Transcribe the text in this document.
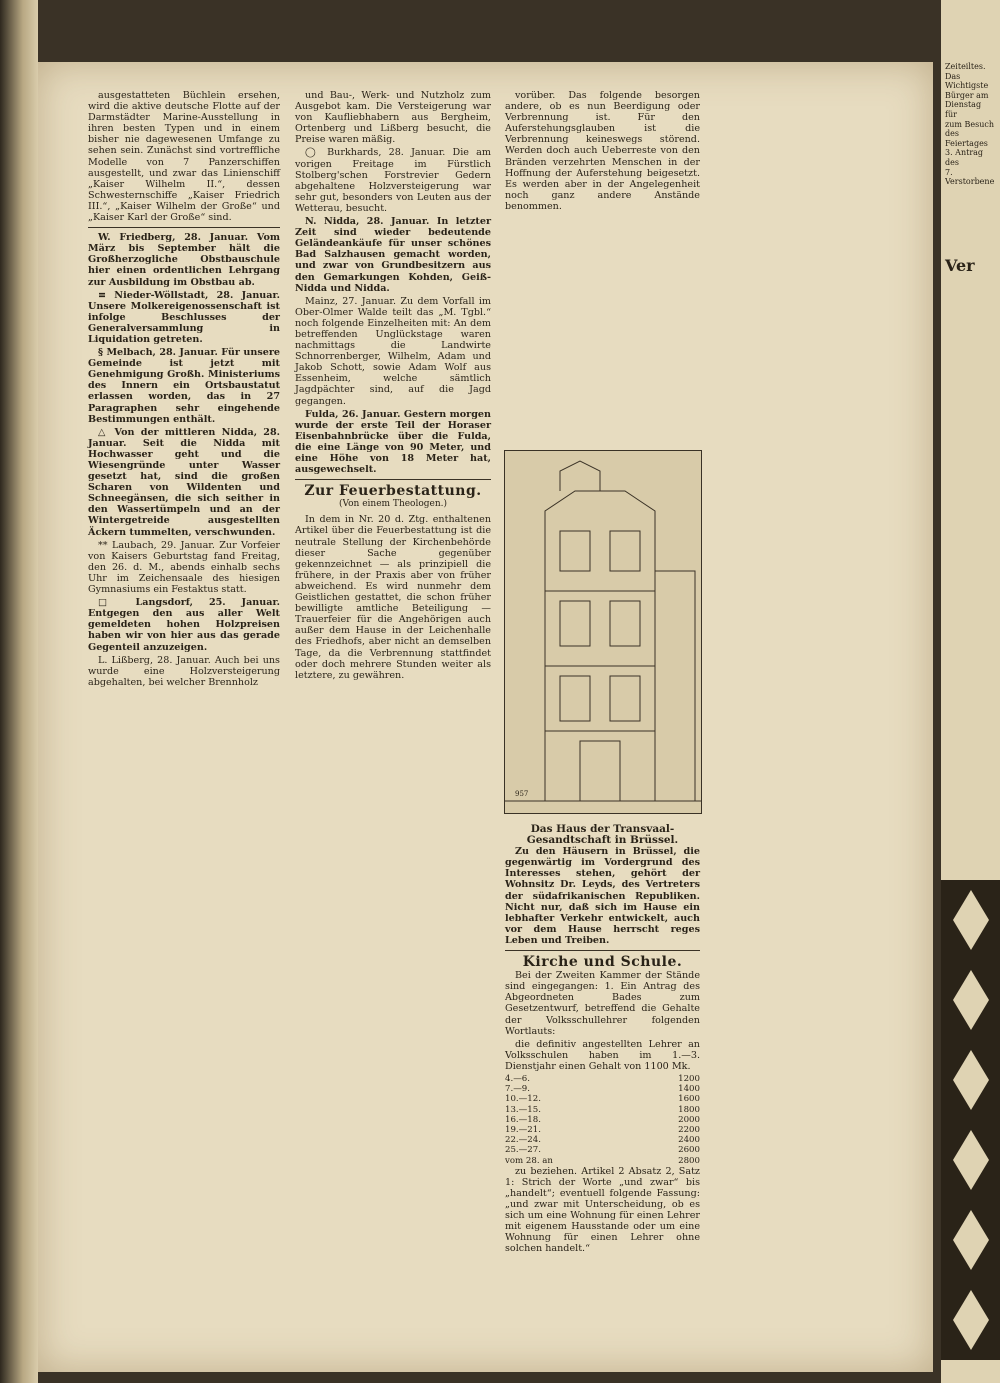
ausgestatteten Büchlein ersehen, wird die aktive deutsche Flotte auf der Darmstädter Marine-Ausstellung in ihren besten Typen und in einem bisher nie dagewesenen Umfange zu sehen sein. Zunächst sind vortreffliche Modelle von 7 Panzerschiffen ausgestellt, und zwar das Linienschiff „Kaiser Wilhelm II.“, dessen Schwesternschiffe „Kaiser Friedrich III.“, „Kaiser Wilhelm der Große“ und „Kaiser Karl der Große“ sind.

W. Friedberg, 28. Januar. Vom März bis September hält die Großherzogliche Obstbauschule hier einen ordentlichen Lehrgang zur Ausbildung im Obstbau ab.

≡ Nieder-Wöllstadt, 28. Januar. Unsere Molkereigenossenschaft ist infolge Beschlusses der Generalversammlung in Liquidation getreten.

§ Melbach, 28. Januar. Für unsere Gemeinde ist jetzt mit Genehmigung Großh. Ministeriums des Innern ein Ortsbaustatut erlassen worden, das in 27 Paragraphen sehr eingehende Bestimmungen enthält.

△ Von der mittleren Nidda, 28. Januar. Seit die Nidda mit Hochwasser geht und die Wiesengründe unter Wasser gesetzt hat, sind die großen Scharen von Wildenten und Schneegänsen, die sich seither in den Wassertümpeln und an der Wintergetreide ausgestellten Äckern tummelten, verschwunden.

** Laubach, 29. Januar. Zur Vorfeier von Kaisers Geburtstag fand Freitag, den 26. d. M., abends einhalb sechs Uhr im Zeichensaale des hiesigen Gymnasiums ein Festaktus statt.

□ Langsdorf, 25. Januar. Entgegen den aus aller Welt gemeldeten hohen Holzpreisen haben wir von hier aus das gerade Gegenteil anzuzeigen.

L. Lißberg, 28. Januar. Auch bei uns wurde eine Holzversteigerung abgehalten, bei welcher Brennholz

und Bau-, Werk- und Nutzholz zum Ausgebot kam. Die Versteigerung war von Kaufliebhabern aus Bergheim, Ortenberg und Lißberg besucht, die Preise waren mäßig.

◯ Burkhards, 28. Januar. Die am vorigen Freitage im Fürstlich Stolberg'schen Forstrevier Gedern abgehaltene Holzversteigerung war sehr gut, besonders von Leuten aus der Wetterau, besucht.

N. Nidda, 28. Januar. In letzter Zeit sind wieder bedeutende Geländeankäufe für unser schönes Bad Salzhausen gemacht worden, und zwar von Grundbesitzern aus den Gemarkungen Kohden, Geiß-Nidda und Nidda.

Mainz, 27. Januar. Zu dem Vorfall im Ober-Olmer Walde teilt das „M. Tgbl.“ noch folgende Einzelheiten mit: An dem betreffenden Unglückstage waren nachmittags die Landwirte Schnorrenberger, Wilhelm, Adam und Jakob Schott, sowie Adam Wolf aus Essenheim, welche sämtlich Jagdpächter sind, auf die Jagd gegangen.

Fulda, 26. Januar. Gestern morgen wurde der erste Teil der Horaser Eisenbahnbrücke über die Fulda, die eine Länge von 90 Meter, und eine Höhe von 18 Meter hat, ausgewechselt.

Zur Feuerbestattung.
(Von einem Theologen.)

In dem in Nr. 20 d. Ztg. enthaltenen Artikel über die Feuerbestattung ist die neutrale Stellung der Kirchenbehörde dieser Sache gegenüber gekennzeichnet — als prinzipiell die frühere, in der Praxis aber von früher abweichend. Es wird nunmehr dem Geistlichen gestattet, die schon früher bewilligte amtliche Beteiligung — Trauerfeier für die Angehörigen auch außer dem Hause in der Leichenhalle des Friedhofs, aber nicht an demselben Tage, da die Verbrennung stattfindet oder doch mehrere Stunden weiter als letztere, zu gewähren.

vorüber. Das folgende besorgen andere, ob es nun Beerdigung oder Verbrennung ist. Für den Auferstehungsglauben ist die Verbrennung keineswegs störend. Werden doch auch Ueberreste von den Bränden verzehrten Menschen in der Hoffnung der Auferstehung beigesetzt. Es werden aber in der Angelegenheit noch ganz andere Anstände benommen.

957
Das Haus der Transvaal-Gesandtschaft in Brüssel.

Zu den Häusern in Brüssel, die gegenwärtig im Vordergrund des Interesses stehen, gehört der Wohnsitz Dr. Leyds, des Vertreters der südafrikanischen Republiken. Nicht nur, daß sich im Hause ein lebhafter Verkehr entwickelt, auch vor dem Hause herrscht reges Leben und Treiben.

Kirche und Schule.

Bei der Zweiten Kammer der Stände sind eingegangen: 1. Ein Antrag des Abgeordneten Bades zum Gesetzentwurf, betreffend die Gehalte der Volksschullehrer folgenden Wortlauts:

die definitiv angestellten Lehrer an Volksschulen haben im 1.—3. Dienstjahr einen Gehalt von 1100 Mk.

4.—6.	1200
7.—9.	1400
10.—12.	1600
13.—15.	1800
16.—18.	2000
19.—21.	2200
22.—24.	2400
25.—27.	2600
vom 28. an	2800

zu beziehen. Artikel 2 Absatz 2, Satz 1: Strich der Worte „und zwar“ bis „handelt“; eventuell folgende Fassung: „und zwar mit Unterscheidung, ob es sich um eine Wohnung für einen Lehrer mit eigenem Hausstande oder um eine Wohnung für einen Lehrer ohne solchen handelt.“

Zeiteiltes. Das Wichtigste
Bürger am Dienstag für
zum Besuch des Feiertages
3. Antrag des
7. Verstorbene
Ver
